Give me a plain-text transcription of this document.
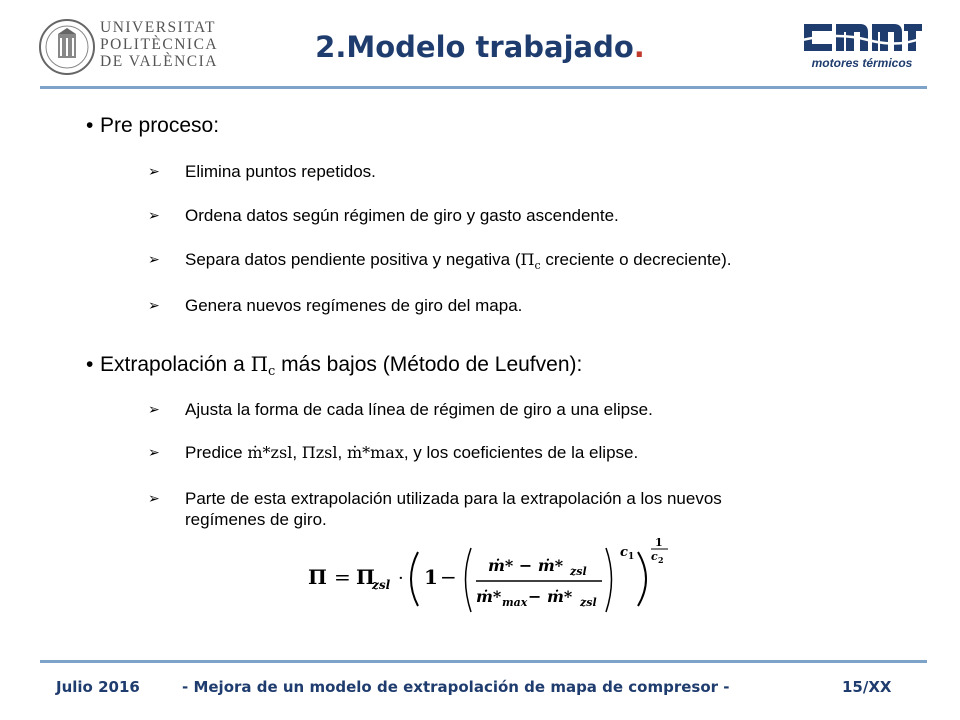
UNIVERSITAT
POLITÈCNICA
DE VALÈNCIA	2.Modelo trabajado.	motores térmicos
• Pre proceso:
➢ Elimina puntos repetidos.
➢ Ordena datos según régimen de giro y gasto ascendente.
➢ Separa datos pendiente positiva y negativa ($\Pi_c$ creciente o decreciente).
➢ Genera nuevos regímenes de giro del mapa.
• Extrapolación a Πc más bajos (Método de Leufven):
➢ Ajusta la forma de cada línea de régimen de giro a una elipse.
➢ Predice ṁ*zsl, Πzsl, ṁ*max, y los coeficientes de la elipse.
➢ Parte de esta extrapolación utilizada para la extrapolación a los nuevos
regímenes de giro.
Π = Π
zsl · 1 − ṁ* − ṁ* zsl
ṁ* max − ṁ* zsl
c 1
1
c 2
Julio 2016	- Mejora de un modelo de extrapolación de mapa de compresor -	15/XX
